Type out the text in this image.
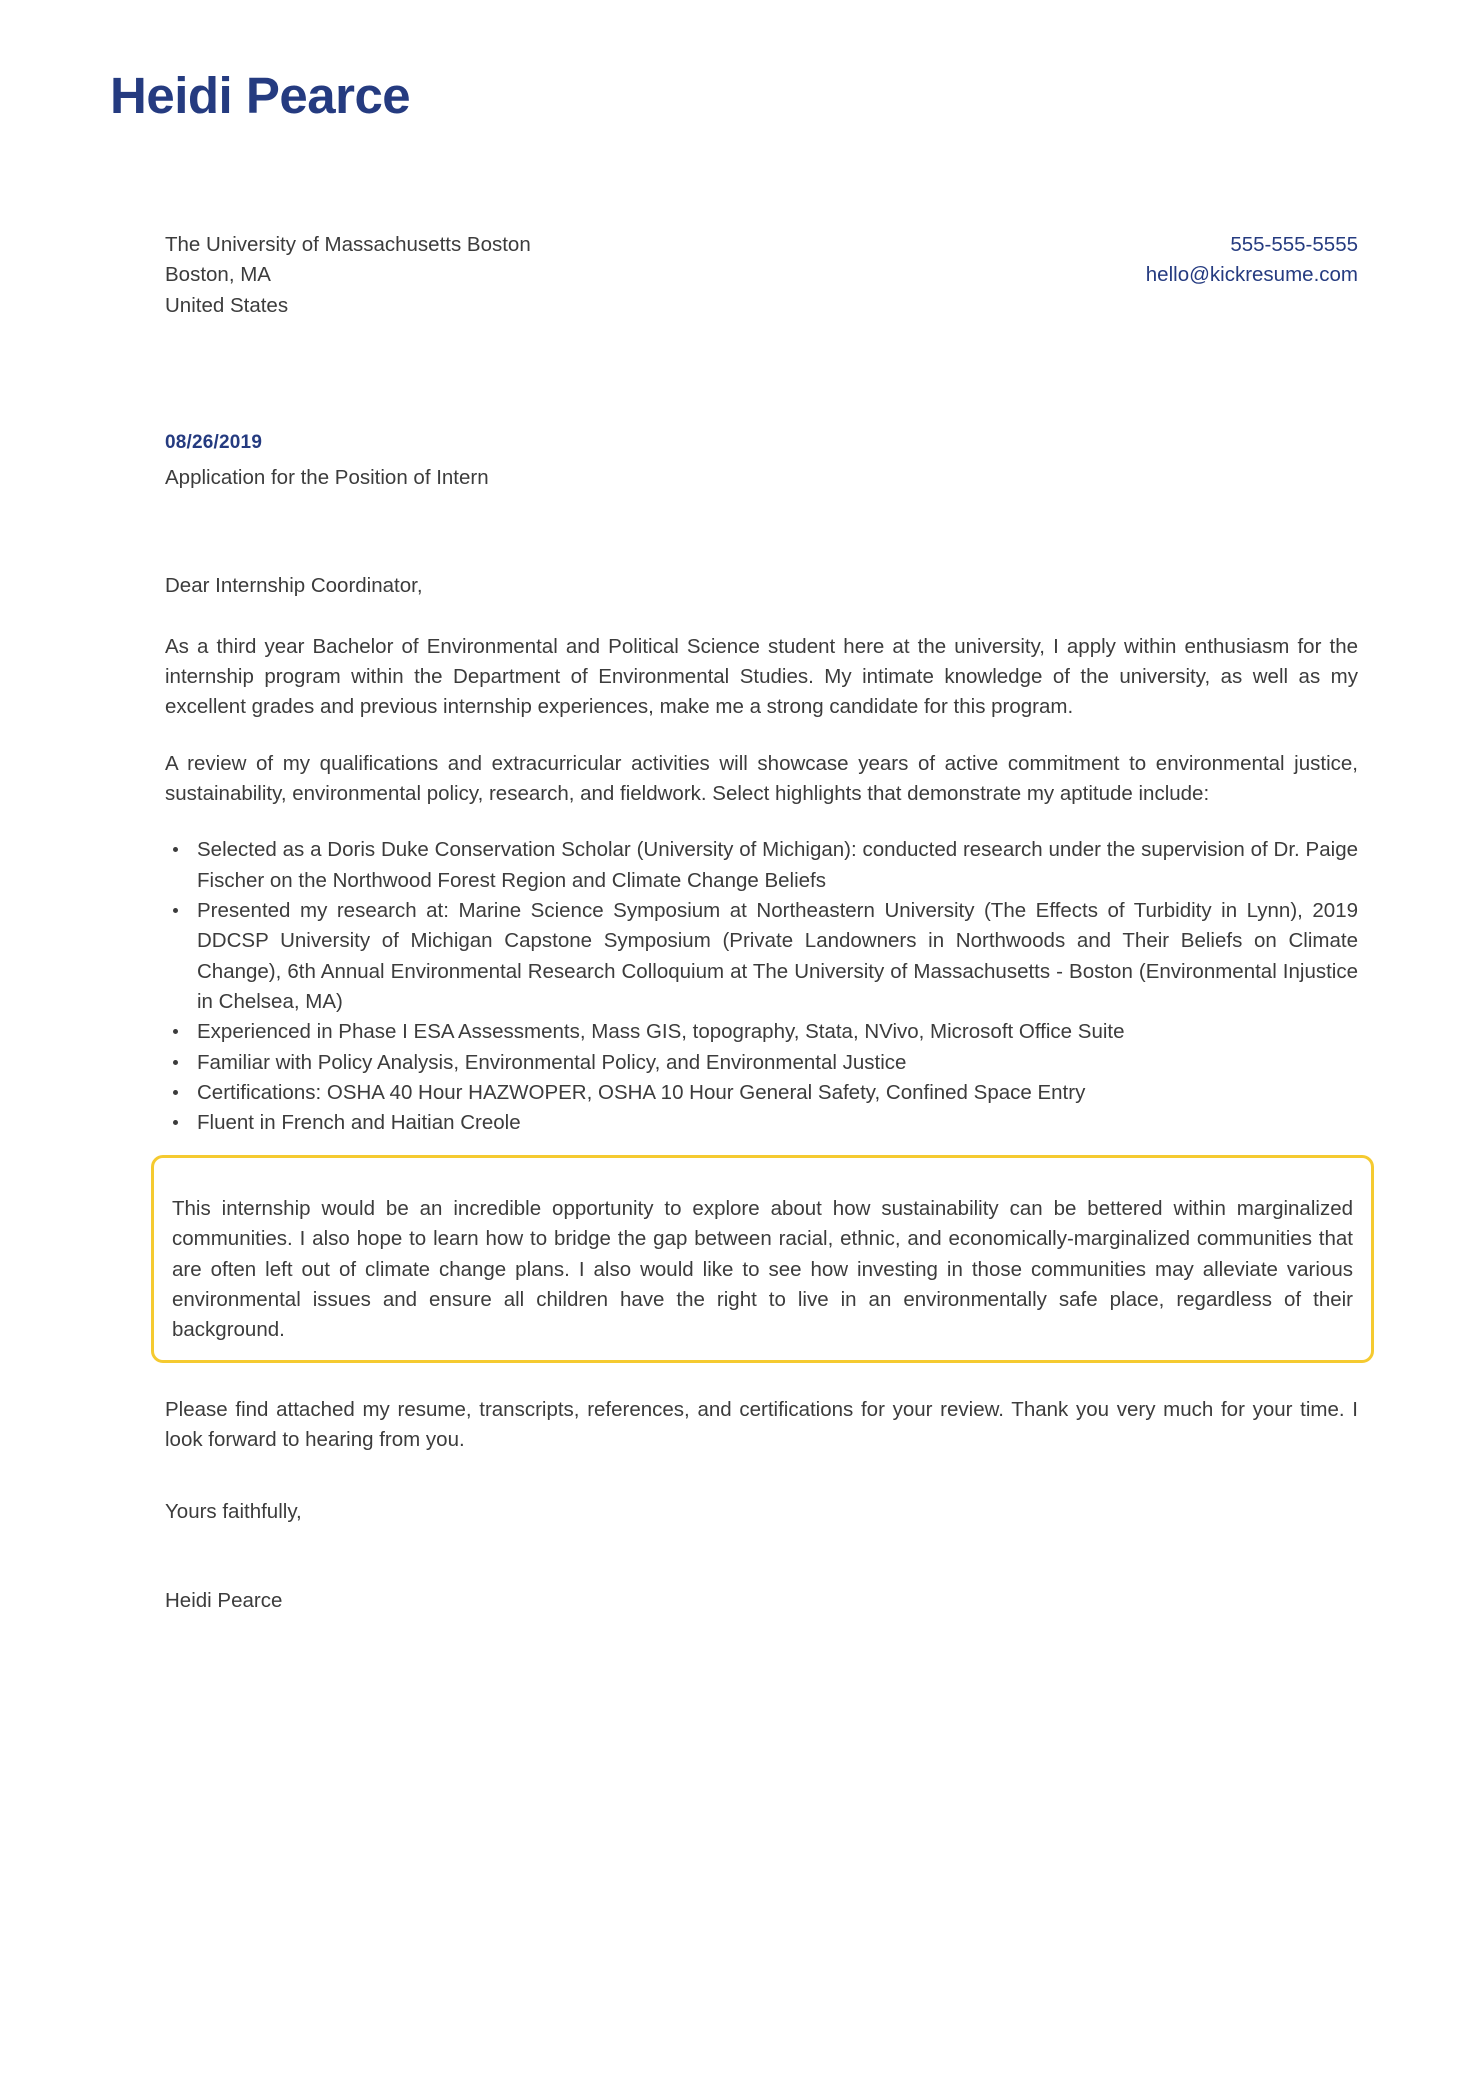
Heidi Pearce
The University of Massachusetts Boston
Boston, MA
United States
555-555-5555
hello@kickresume.com
08/26/2019
Application for the Position of Intern
Dear Internship Coordinator,

As a third year Bachelor of Environmental and Political Science student here at the university, I apply within enthusiasm for the internship program within the Department of Environmental Studies. My intimate knowledge of the university, as well as my excellent grades and previous internship experiences, make me a strong candidate for this program.

A review of my qualifications and extracurricular activities will showcase years of active commitment to environmental justice, sustainability, environmental policy, research, and fieldwork. Select highlights that demonstrate my aptitude include:

Selected as a Doris Duke Conservation Scholar (University of Michigan): conducted research under the supervision of Dr. Paige Fischer on the Northwood Forest Region and Climate Change Beliefs
Presented my research at: Marine Science Symposium at Northeastern University (The Effects of Turbidity in Lynn), 2019 DDCSP University of Michigan Capstone Symposium (Private Landowners in Northwoods and Their Beliefs on Climate Change), 6th Annual Environmental Research Colloquium at The University of Massachusetts - Boston (Environmental Injustice in Chelsea, MA)
Experienced in Phase I ESA Assessments, Mass GIS, topography, Stata, NVivo, Microsoft Office Suite
Familiar with Policy Analysis, Environmental Policy, and Environmental Justice
Certifications: OSHA 40 Hour HAZWOPER, OSHA 10 Hour General Safety, Confined Space Entry
Fluent in French and Haitian Creole

This internship would be an incredible opportunity to explore about how sustainability can be bettered within marginalized communities. I also hope to learn how to bridge the gap between racial, ethnic, and economically-marginalized communities that are often left out of climate change plans. I also would like to see how investing in those communities may alleviate various environmental issues and ensure all children have the right to live in an environmentally safe place, regardless of their background.

Please find attached my resume, transcripts, references, and certifications for your review. Thank you very much for your time. I look forward to hearing from you.

Yours faithfully,
Heidi Pearce
